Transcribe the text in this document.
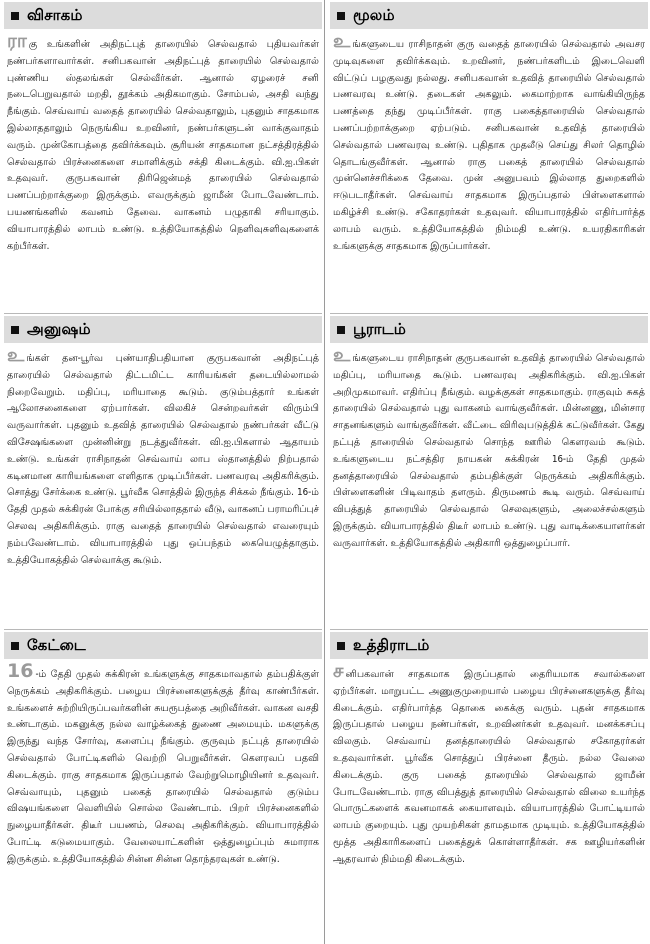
விசாகம்
ராகு உங்களின் அதிநட்புத் தாரையில் செல்வதால் புதியவர்கள் நண்பர்களாவார்கள். சனிபகவான் அதிநட்புத் தாரையில் செல்வதால் புண்ணிய ஸ்தலங்கள் செல்வீர்கள். ஆனால் ஏழரைச் சனி நடைபெறுவதால் மறதி, தூக்கம் அதிகமாகும். சோம்பல், அசதி வந்து நீங்கும். செவ்வாய் வதைத் தாரையில் செல்வதாலும், புதனும் சாதகமாக இல்லாததாலும் நெருங்கிய உறவினர், நண்பர்களுடன் வாக்குவாதம் வரும். முன்கோபத்தை தவிர்க்கவும். சூரியன் சாதகமான நட்சத்திரத்தில் செல்வதால் பிரச்னைகளை சமாளிக்கும் சக்தி கிடைக்கும். வி.ஐ.பிகள் உதவுவர். குருபகவான் திரிஜென்மத் தாரையில் செல்வதால் பணப்பற்றாக்குறை இருக்கும். எவருக்கும் ஜாமீன் போடவேண்டாம். பயணங்களில் கவனம் தேவை. வாகனம் பழுதாகி சரியாகும். வியாபாரத்தில் லாபம் உண்டு. உத்தியோகத்தில் நெளிவுசுளிவுகளைக் கற்பீர்கள்.
மூலம்
உங்களுடைய ராசிநாதன் குரு வதைத் தாரையில் செல்வதால் அவசர முடிவுகளை தவிர்க்கவும். உறவினர், நண்பர்களிடம் இடைவெளி விட்டுப் பழகுவது நல்லது. சனிபகவான் உதவித் தாரையில் செல்வதால் பணவரவு உண்டு. தடைகள் அகலும். கைமாற்றாக வாங்கியிருந்த பணத்தை தந்து முடிப்பீர்கள். ராகு பகைத்தாரையில் செல்வதால் பணப்பற்றாக்குறை ஏற்படும். சனிபகவான் உதவித் தாரையில் செல்வதால் பணவரவு உண்டு. புதிதாக முதலீடு செய்து சிலர் தொழில் தொடங்குவீர்கள். ஆனால் ராகு பகைத் தாரையில் செல்வதால் முன்னெச்சரிக்கை தேவை. முன் அனுபவம் இல்லாத துறைகளில் ஈடுபடாதீர்கள். செவ்வாய் சாதகமாக இருப்பதால் பிள்ளைகளால் மகிழ்ச்சி உண்டு. சகோதரர்கள் உதவுவர். வியாபாரத்தில் எதிர்பார்த்த லாபம் வரும். உத்தியோகத்தில் நிம்மதி உண்டு. உயரதிகாரிகள் உங்களுக்கு சாதகமாக இருப்பார்கள்.
அனுஷம்
உங்கள் தன-பூர்வ புண்யாதிபதியான குருபகவான் அதிநட்புத் தாரையில் செல்வதால் திட்டமிட்ட காரியங்கள் தடையில்லாமல் நிறைவேறும். மதிப்பு, மரியாதை கூடும். குடும்பத்தார் உங்கள் ஆலோசனைகளை ஏற்பார்கள். விலகிச் சென்றவர்கள் விரும்பி வருவார்கள். புதனும் உதவித் தாரையில் செல்வதால் நண்பர்கள் வீட்டு விசேஷங்களை முன்னின்று நடத்துவீர்கள். வி.ஐ.பிகளால் ஆதாயம் உண்டு. உங்கள் ராசிநாதன் செவ்வாய் லாப ஸ்தானத்தில் நிற்பதால் கடினமான காரியங்களை எளிதாக முடிப்பீர்கள். பணவரவு அதிகரிக்கும். சொத்து சேர்க்கை உண்டு. பூர்வீக சொத்தில் இருந்த சிக்கல் நீங்கும். 16-ம் தேதி முதல் சுக்கிரன் போக்கு சரியில்லாததால் வீடு, வாகனப் பராமரிப்புச் செலவு அதிகரிக்கும். ராகு வதைத் தாரையில் செல்வதால் எவரையும் நம்பவேண்டாம். வியாபாரத்தில் புது ஒப்பந்தம் கையெழுத்தாகும். உத்தியோகத்தில் செல்வாக்கு கூடும்.
பூராடம்
உங்களுடைய ராசிநாதன் குருபகவான் உதவித் தாரையில் செல்வதால் மதிப்பு, மரியாதை கூடும். பணவரவு அதிகரிக்கும். வி.ஐ.பிகள் அறிமுகமாவர். எதிர்ப்பு நீங்கும். வழக்குகள் சாதகமாகும். ராகுவும் சுகத் தாரையில் செல்வதால் புது வாகனம் வாங்குவீர்கள். மின்னணு, மின்சார சாதனங்களும் வாங்குவீர்கள். வீட்டை விரிவுபடுத்திக் கட்டுவீர்கள். கேது நட்புத் தாரையில் செல்வதால் சொந்த ஊரில் கௌரவம் கூடும். உங்களுடைய நட்சத்திர நாயகன் சுக்கிரன் 16-ம் தேதி முதல் தனத்தாரையில் செல்வதால் தம்பதிக்குள் நெருக்கம் அதிகரிக்கும். பிள்ளைகளின் பிடிவாதம் தளரும். திருமணம் கூடி வரும். செவ்வாய் விபத்துத் தாரையில் செல்வதால் செலவுகளும், அலைச்சல்களும் இருக்கும். வியாபாரத்தில் திடீர் லாபம் உண்டு. புது வாடிக்கையாளர்கள் வருவார்கள். உத்தியோகத்தில் அதிகாரி ஒத்துழைப்பார்.
கேட்டை
16 -ம் தேதி முதல் சுக்கிரன் உங்களுக்கு சாதகமாவதால் தம்பதிக்குள் நெருக்கம் அதிகரிக்கும். பழைய பிரச்னைகளுக்குத் தீர்வு காண்பீர்கள். உங்களைச் சுற்றியிருப்பவர்களின் சுயரூபத்தை அறிவீர்கள். வாகன வசதி உண்டாகும். மகனுக்கு நல்ல வாழ்க்கைத் துணை அமையும். மகளுக்கு இருந்து வந்த சோர்வு, களைப்பு நீங்கும். குருவும் நட்புத் தாரையில் செல்வதால் போட்டிகளில் வெற்றி பெறுவீர்கள். கௌரவப் பதவி கிடைக்கும். ராகு சாதகமாக இருப்பதால் வேற்றுமொழியினர் உதவுவர். செவ்வாயும், புதனும் பகைத் தாரையில் செல்வதால் குடும்ப விஷயங்களை வெளியில் சொல்ல வேண்டாம். பிறர் பிரச்னைகளில் நுழையாதீர்கள். திடீர் பயணம், செலவு அதிகரிக்கும். வியாபாரத்தில் போட்டி கடுமையாகும். வேலையாட்களின் ஒத்துழைப்பும் சுமாராக இருக்கும். உத்தியோகத்தில் சின்ன சின்ன தொந்தரவுகள் உண்டு.
உத்திராடம்
சனிபகவான் சாதகமாக இருப்பதால் தைரியமாக சவால்களை ஏற்பீர்கள். மாறுபட்ட அணுகுமுறையால் பழைய பிரச்னைகளுக்கு தீர்வு கிடைக்கும். எதிர்பார்த்த தொகை கைக்கு வரும். புதன் சாதகமாக இருப்பதால் பழைய நண்பர்கள், உறவினர்கள் உதவுவர். மனக்கசப்பு விலகும். செவ்வாய் தனத்தாரையில் செல்வதால் சகோதரர்கள் உதவுவார்கள். பூர்வீக சொத்துப் பிரச்னை தீரும். நல்ல வேலை கிடைக்கும். குரு பகைத் தாரையில் செல்வதால் ஜாமீன் போடவேண்டாம். ராகு விபத்துத் தாரையில் செல்வதால் விலை உயர்ந்த பொருட்களைக் கவனமாகக் கையாளவும். வியாபாரத்தில் போட்டியால் லாபம் குறையும். புது முயற்சிகள் தாமதமாக முடியும். உத்தியோகத்தில் மூத்த அதிகாரிகளைப் பகைத்துக் கொள்ளாதீர்கள். சக ஊழியர்களின் ஆதரவால் நிம்மதி கிடைக்கும்.
